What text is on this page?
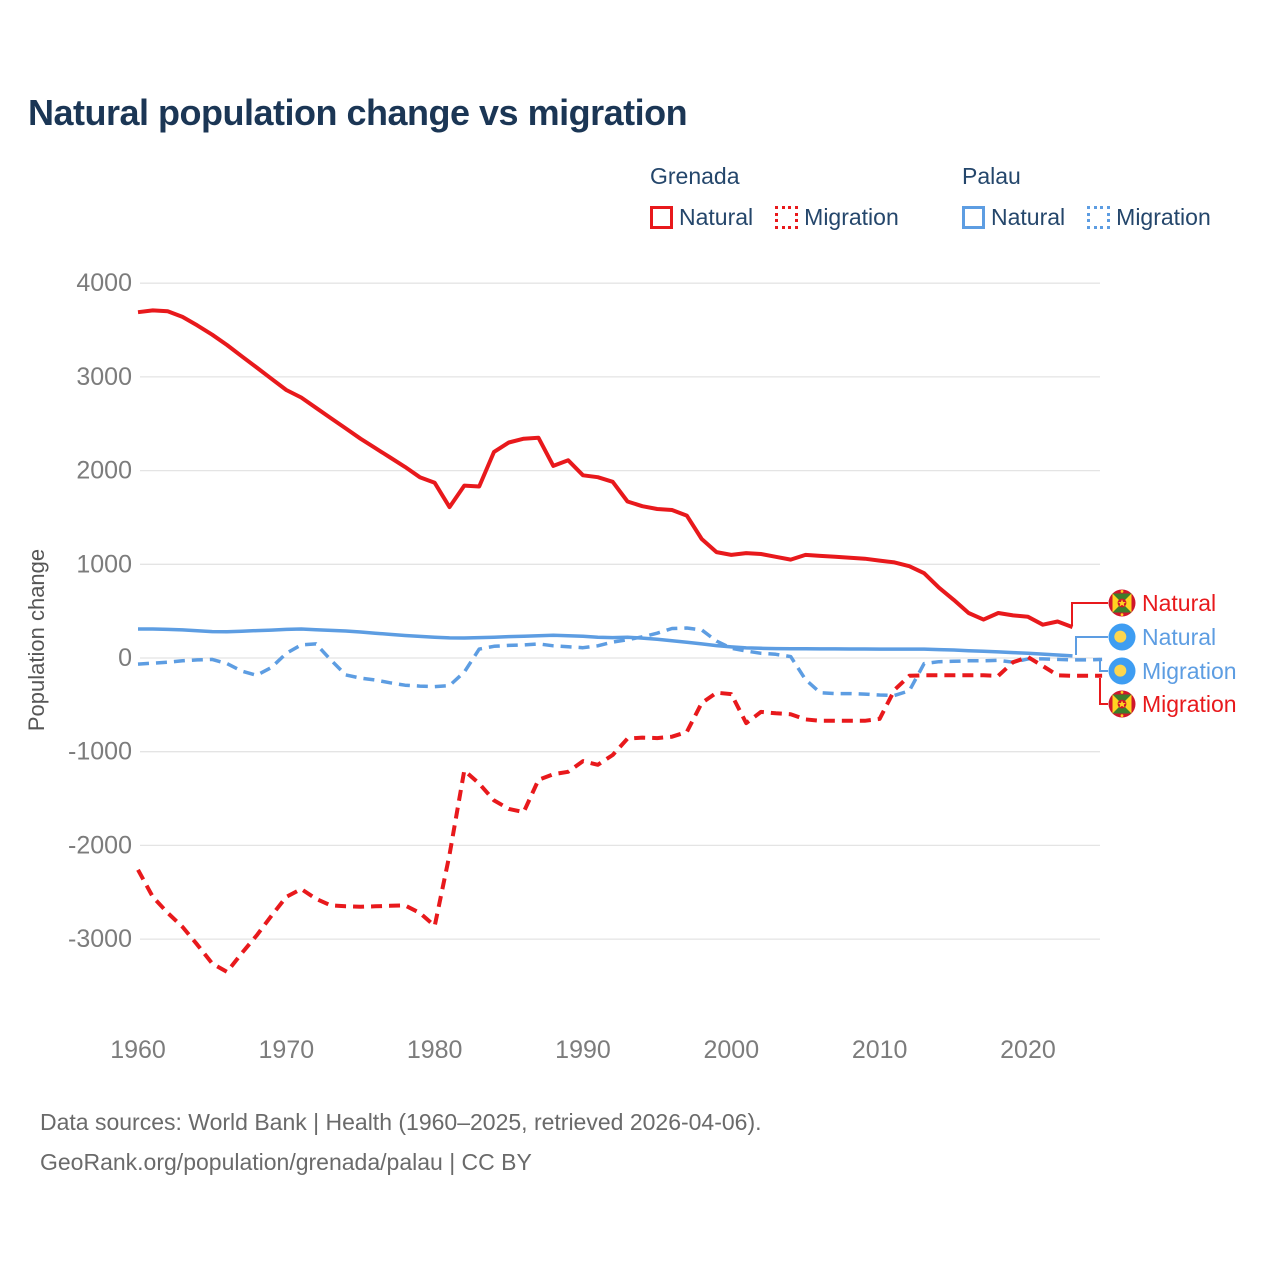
Natural population change vs migration
Grenada
Natural Migration
Palau
Natural Migration
4000
3000
2000
1000
0
-1000
-2000
-3000
1960	1970	1980	1990	2000	2010	2020
Population change	Natural
Natural
Migration
Migration
Data sources: World Bank | Health (1960–2025, retrieved 2026-04-06).
GeoRank.org/population/grenada/palau | CC BY
